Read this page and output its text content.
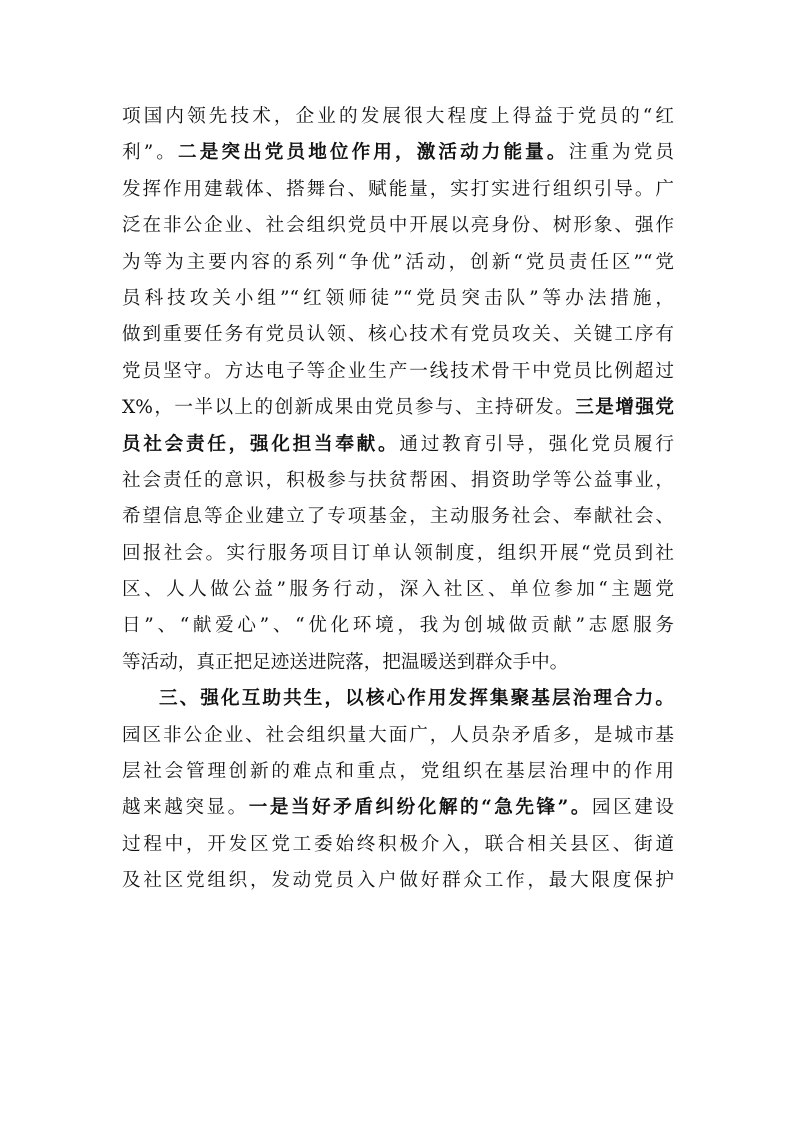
项国内领先技术，企业的发展很大程度上得益于党员的“红
利”。二是突出党员地位作用，激活动力能量。注重为党员
发挥作用建载体、搭舞台、赋能量，实打实进行组织引导。广
泛在非公企业、社会组织党员中开展以亮身份、树形象、强作
为等为主要内容的系列“争优”活动，创新“党员责任区”“党
员科技攻关小组”“红领师徒”“党员突击队”等办法措施，
做到重要任务有党员认领、核心技术有党员攻关、关键工序有
党员坚守。方达电子等企业生产一线技术骨干中党员比例超过
X%，一半以上的创新成果由党员参与、主持研发。三是增强党
员社会责任，强化担当奉献。通过教育引导，强化党员履行
社会责任的意识，积极参与扶贫帮困、捐资助学等公益事业，
希望信息等企业建立了专项基金，主动服务社会、奉献社会、
回报社会。实行服务项目订单认领制度，组织开展“党员到社
区、人人做公益”服务行动，深入社区、单位参加“主题党
日”、“献爱心”、“优化环境，我为创城做贡献”志愿服务
等活动，真正把足迹送进院落，把温暖送到群众手中。

三、强化互助共生，以核心作用发挥集聚基层治理合力。
园区非公企业、社会组织量大面广，人员杂矛盾多，是城市基
层社会管理创新的难点和重点，党组织在基层治理中的作用
越来越突显。一是当好矛盾纠纷化解的“急先锋”。园区建设
过程中，开发区党工委始终积极介入，联合相关县区、街道
及社区党组织，发动党员入户做好群众工作，最大限度保护
